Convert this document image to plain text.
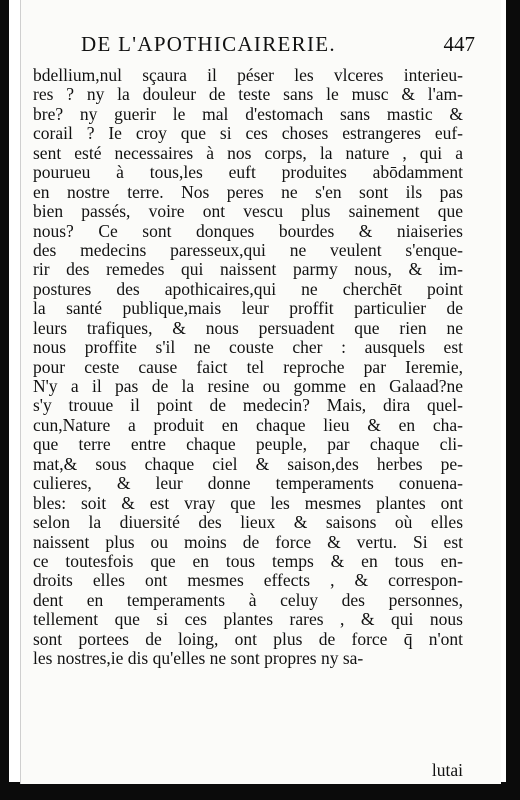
DE L'APOTHICAIRERIE.	447
bdellium,nul sçaura il péser les vlceres interieu-
res ? ny la douleur de teste sans le musc & l'am-
bre? ny guerir le mal d'estomach sans mastic &
corail ? Ie croy que si ces choses estrangeres euf-
sent esté necessaires à nos corps, la nature , qui a
pourueu à tous,les euft produites abōdamment
en nostre terre. Nos peres ne s'en sont ils pas
bien passés, voire ont vescu plus sainement que
nous? Ce sont donques bourdes & niaiseries
des medecins paresseux,qui ne veulent s'enque-
rir des remedes qui naissent parmy nous, & im-
postures des apothicaires,qui ne cherchēt point
la santé publique,mais leur proffit particulier de
leurs trafiques, & nous persuadent que rien ne
nous proffite s'il ne couste cher : ausquels est
pour ceste cause faict tel reproche par Ieremie,
N'y a il pas de la resine ou gomme en Galaad?ne
s'y trouue il point de medecin? Mais, dira quel-
cun,Nature a produit en chaque lieu & en cha-
que terre entre chaque peuple, par chaque cli-
mat,& sous chaque ciel & saison,des herbes pe-
culieres, & leur donne temperaments conuena-
bles: soit & est vray que les mesmes plantes ont
selon la diuersité des lieux & saisons où elles
naissent plus ou moins de force & vertu. Si est
ce toutesfois que en tous temps & en tous en-
droits elles ont mesmes effects , & correspon-
dent en temperaments à celuy des personnes,
tellement que si ces plantes rares , & qui nous
sont portees de loing, ont plus de force q̄ n'ont
les nostres,ie dis qu'elles ne sont propres ny sa-
lutai
